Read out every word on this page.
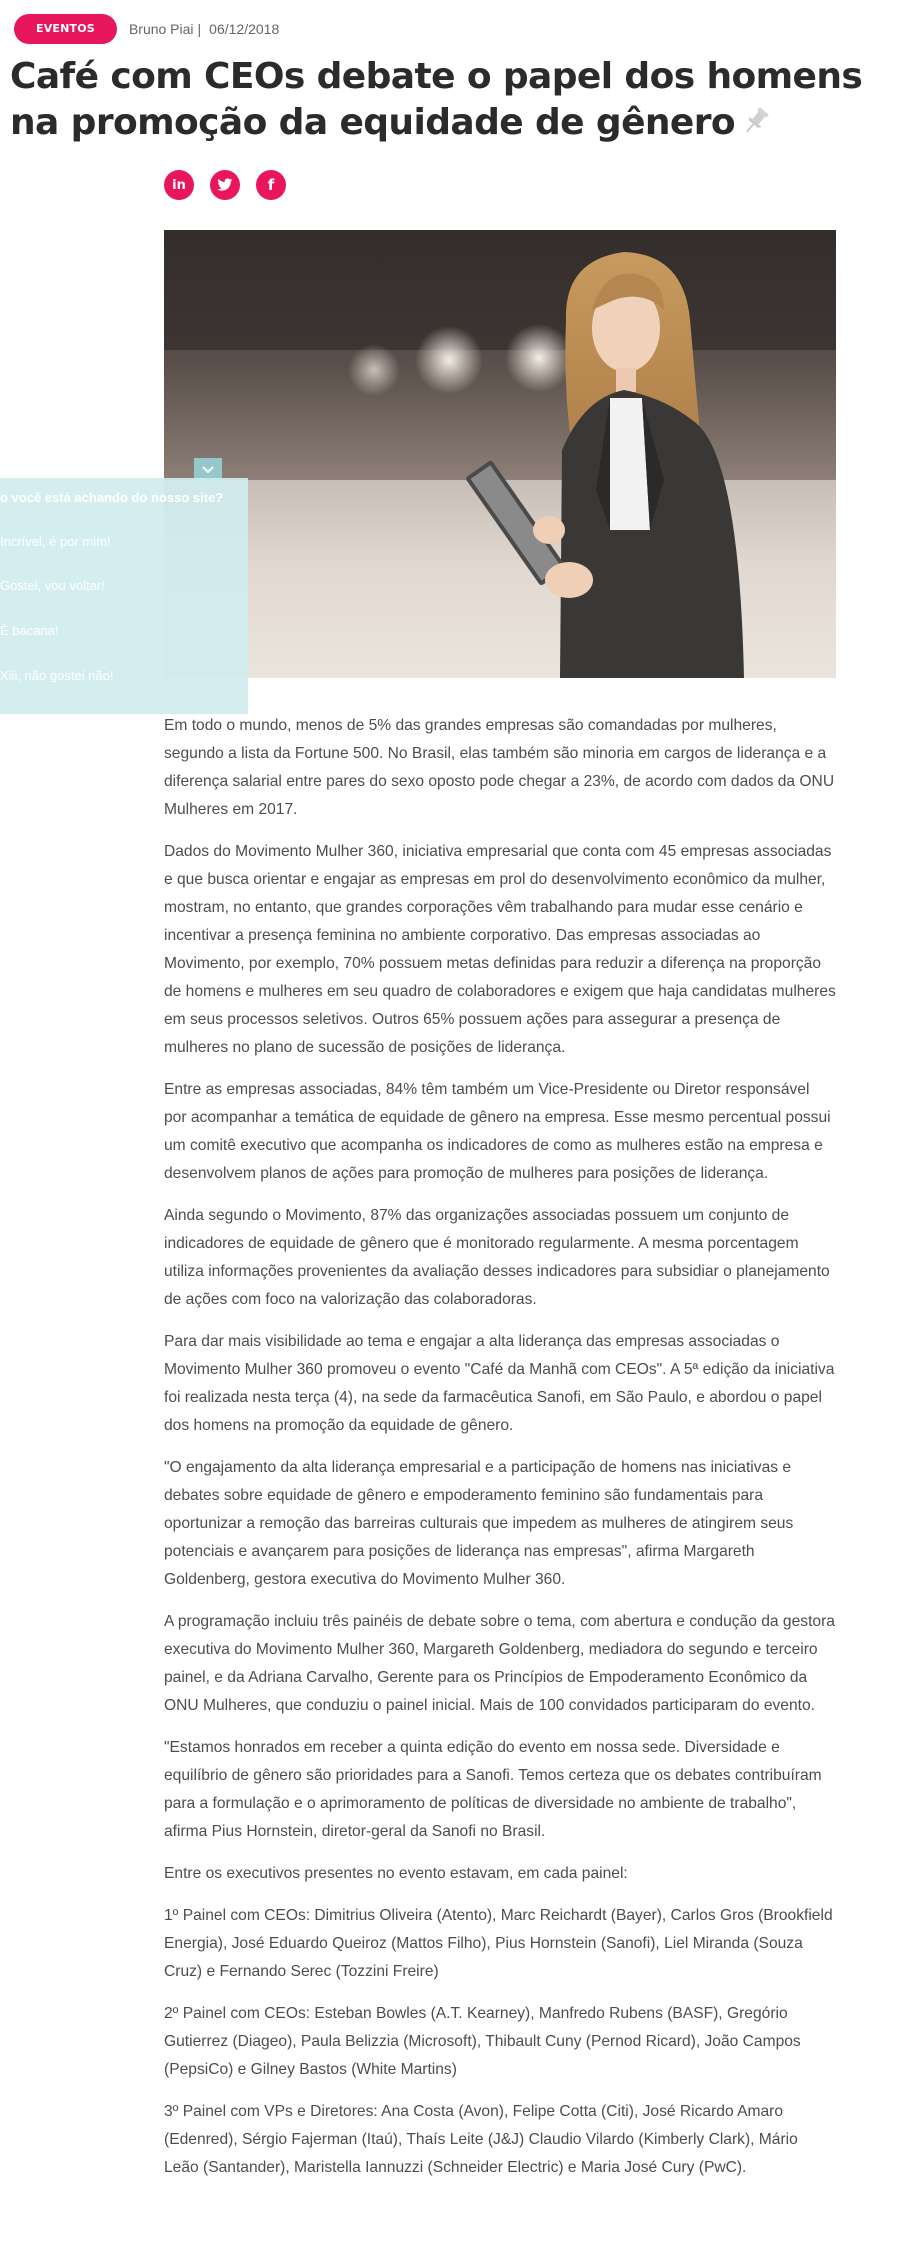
EVENTOS	Bruno Piai | 06/12/2018
Café com CEOs debate o papel dos homens na promoção da equidade de gênero
in	f

Em todo o mundo, menos de 5% das grandes empresas são comandadas por mulheres, segundo a lista da Fortune 500. No Brasil, elas também são minoria em cargos de liderança e a diferença salarial entre pares do sexo oposto pode chegar a 23%, de acordo com dados da ONU Mulheres em 2017.

Dados do Movimento Mulher 360, iniciativa empresarial que conta com 45 empresas associadas e que busca orientar e engajar as empresas em prol do desenvolvimento econômico da mulher, mostram, no entanto, que grandes corporações vêm trabalhando para mudar esse cenário e incentivar a presença feminina no ambiente corporativo. Das empresas associadas ao Movimento, por exemplo, 70% possuem metas definidas para reduzir a diferença na proporção de homens e mulheres em seu quadro de colaboradores e exigem que haja candidatas mulheres em seus processos seletivos. Outros 65% possuem ações para assegurar a presença de mulheres no plano de sucessão de posições de liderança.

Entre as empresas associadas, 84% têm também um Vice-Presidente ou Diretor responsável por acompanhar a temática de equidade de gênero na empresa. Esse mesmo percentual possui um comitê executivo que acompanha os indicadores de como as mulheres estão na empresa e desenvolvem planos de ações para promoção de mulheres para posições de liderança.

Ainda segundo o Movimento, 87% das organizações associadas possuem um conjunto de indicadores de equidade de gênero que é monitorado regularmente. A mesma porcentagem utiliza informações provenientes da avaliação desses indicadores para subsidiar o planejamento de ações com foco na valorização das colaboradoras.

Para dar mais visibilidade ao tema e engajar a alta liderança das empresas associadas o Movimento Mulher 360 promoveu o evento "Café da Manhã com CEOs". A 5ª edição da iniciativa foi realizada nesta terça (4), na sede da farmacêutica Sanofi, em São Paulo, e abordou o papel dos homens na promoção da equidade de gênero.

"O engajamento da alta liderança empresarial e a participação de homens nas iniciativas e debates sobre equidade de gênero e empoderamento feminino são fundamentais para oportunizar a remoção das barreiras culturais que impedem as mulheres de atingirem seus potenciais e avançarem para posições de liderança nas empresas", afirma Margareth Goldenberg, gestora executiva do Movimento Mulher 360.

A programação incluiu três painéis de debate sobre o tema, com abertura e condução da gestora executiva do Movimento Mulher 360, Margareth Goldenberg, mediadora do segundo e terceiro painel, e da Adriana Carvalho, Gerente para os Princípios de Empoderamento Econômico da ONU Mulheres, que conduziu o painel inicial. Mais de 100 convidados participaram do evento.

"Estamos honrados em receber a quinta edição do evento em nossa sede. Diversidade e equilíbrio de gênero são prioridades para a Sanofi. Temos certeza que os debates contribuíram para a formulação e o aprimoramento de políticas de diversidade no ambiente de trabalho", afirma Pius Hornstein, diretor-geral da Sanofi no Brasil.

Entre os executivos presentes no evento estavam, em cada painel:

1º Painel com CEOs: Dimitrius Oliveira (Atento), Marc Reichardt (Bayer), Carlos Gros (Brookfield Energia), José Eduardo Queiroz (Mattos Filho), Pius Hornstein (Sanofi), Liel Miranda (Souza Cruz) e Fernando Serec (Tozzini Freire)

2º Painel com CEOs: Esteban Bowles (A.T. Kearney), Manfredo Rubens (BASF), Gregório Gutierrez (Diageo), Paula Belizzia (Microsoft), Thibault Cuny (Pernod Ricard), João Campos (PepsiCo) e Gilney Bastos (White Martins)

3º Painel com VPs e Diretores: Ana Costa (Avon), Felipe Cotta (Citi), José Ricardo Amaro (Edenred), Sérgio Fajerman (Itaú), Thaís Leite (J&J) Claudio Vilardo (Kimberly Clark), Mário Leão (Santander), Maristella Iannuzzi (Schneider Electric) e Maria José Cury (PwC).

o você está achando do nosso site?
Incrível, é por mim!
Gostei, vou voltar!
É bacana!
Xiii, não gostei não!
